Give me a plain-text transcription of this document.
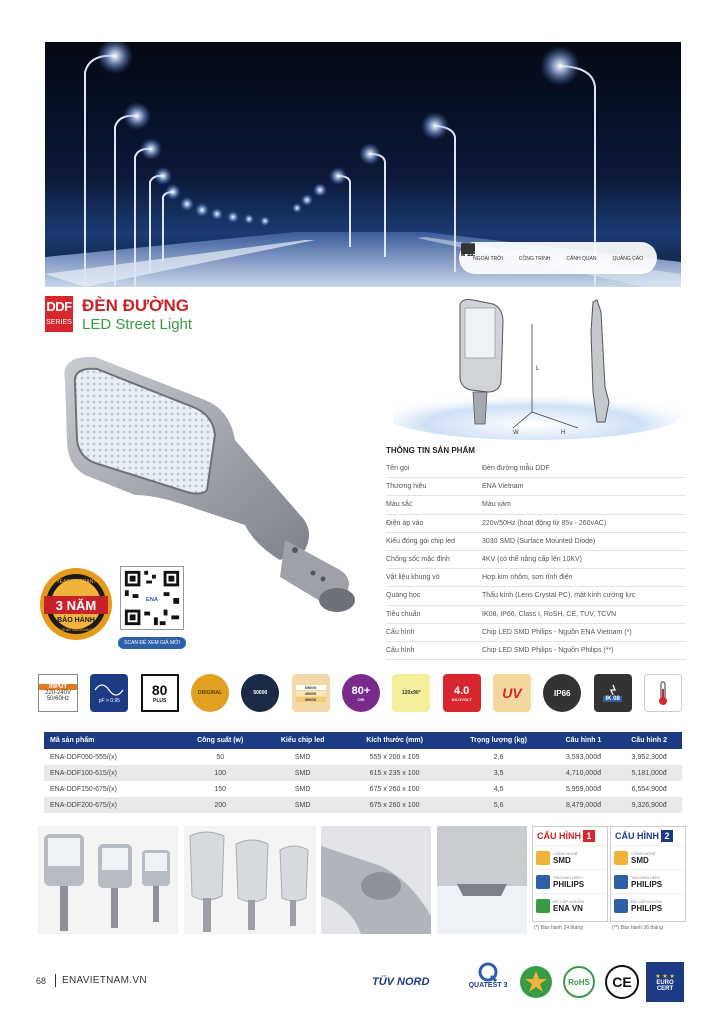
NGOÀI TRỜI	CÔNG TRÌNH	CẢNH QUAN	QUẢNG CÁO
DDF
SERIES
ĐÈN ĐƯỜNG
LED Street Light
5 YEAR WARRANTY
3 NĂM
BẢO HÀNH
5 YEAR WARRANTY
ENA
SCAN ĐỂ XEM GIÁ MỚI
L
W	H
THÔNG TIN SẢN PHẨM
Tên gọi	Đèn đường mẫu DDF
Thương hiệu	ENA Vietnam
Màu sắc	Màu xám
Điện áp vào	220v/50Hz (hoạt động từ 85v - 260vAC)
Kiểu đóng gói chip led	3030 SMD (Surface Mounted Diode)
Chống sốc mặc định	4KV (có thể nâng cấp lên 10KV)
Vật liệu khung vỏ	Hợp kim nhôm, sơn tĩnh điện
Quang học	Thấu kính (Lens Crystal PC), mặt kính cường lực
Tiêu chuẩn	IK08, IP66, Class I, RoSH, CE, TUV, TCVN
Cấu hình	Chip LED SMD Philips - Nguồn ENA Vietnam (*)
Cấu hình	Chip LED SMD Philips - Nguồn Philips (**)
INPUT
220-240V
50/60Hz	pF > 0.95
80
PLUS
ORIGINAL	50000
6500K
4000K
3000K
80+
CRI
120x90°	4.0
KILOVOLT UV	IP66
IK 08
Mã sản phẩm	Công suất (w)	Kiểu chip led	Kích thước (mm)	Trọng lượng (kg)	Cấu hình 1	Cấu hình 2
ENA-DDF050-555/(x)	50	SMD	555 x 200 x 105	2,6	3,593,000đ	3,952,300đ
ENA-DDF100-615/(x)	100	SMD	615 x 235 x 100	3,5	4,710,000đ	5,181,000đ
ENA-DDF150-675/(x)	150	SMD	675 x 260 x 100	4,5	5,959,000đ	6,554,900đ
ENA-DDF200-675/(x)	200	SMD	675 x 260 x 100	5,6	8,479,000đ	9,326,900đ
CẤU HÌNH 1
CÔNG NGHỆ
SMD
THƯƠNG HIỆU
PHILIPS
BỘ CẤP NGUỒN
ENA VN
CẤU HÌNH 2
CÔNG NGHỆ
SMD
THƯƠNG HIỆU
PHILIPS
BỘ CẤP NGUỒN
PHILIPS
(*) Bảo hành 24 tháng	(**) Bảo hành 36 tháng
68 ENAVIETNAM.VN	TÜV NORD	QUATEST 3	RoHS CE	★ ★ ★
EURO
CERT
